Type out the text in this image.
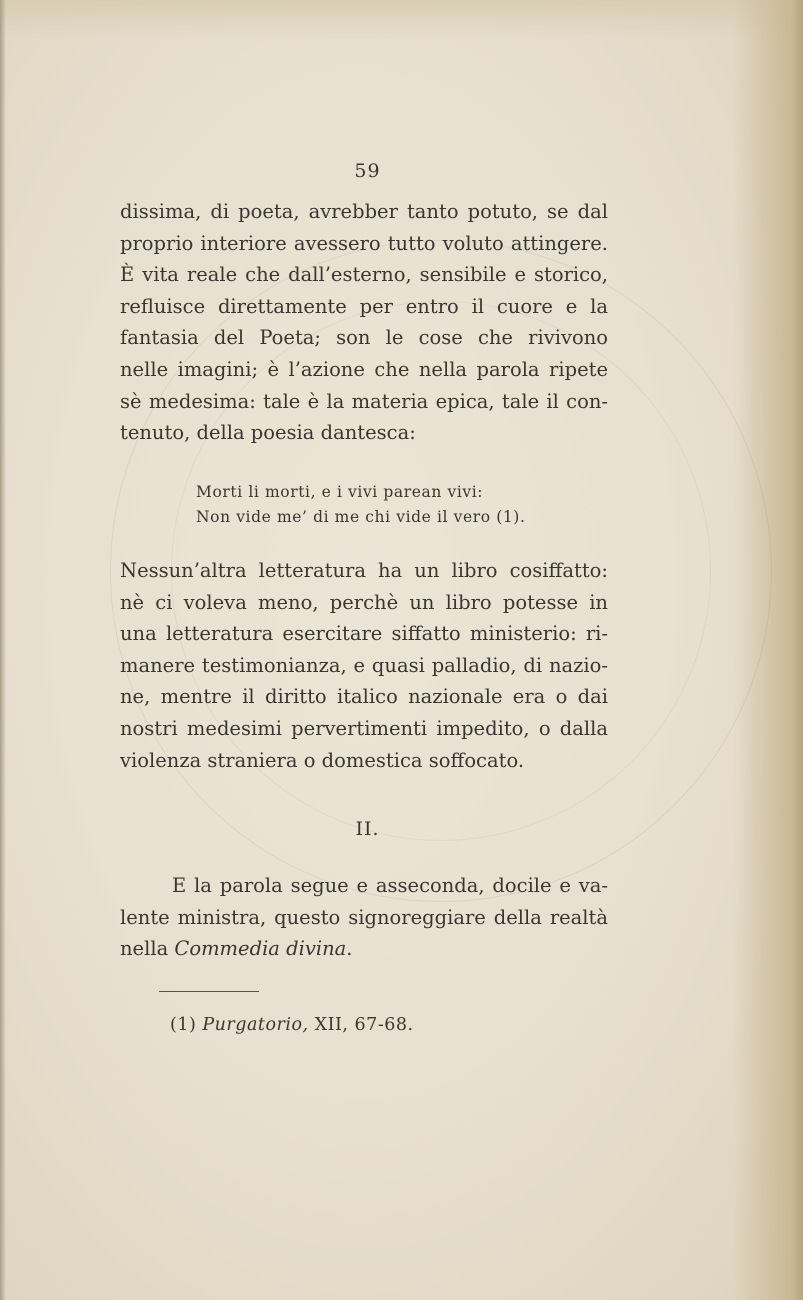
59
dissima, di poeta, avrebber tanto potuto, se dal
proprio interiore avessero tutto voluto attingere.
È vita reale che dall’esterno, sensibile e storico,
refluisce direttamente per entro il cuore e la
fantasia del Poeta; son le cose che rivivono
nelle imagini; è l’azione che nella parola ripete
sè medesima: tale è la materia epica, tale il con-
tenuto, della poesia dantesca:
Morti li morti, e i vivi parean vivi:
Non vide me’ di me chi vide il vero (1).
Nessun’altra letteratura ha un libro cosiffatto:
nè ci voleva meno, perchè un libro potesse in
una letteratura esercitare siffatto ministerio: ri-
manere testimonianza, e quasi palladio, di nazio-
ne, mentre il diritto italico nazionale era o dai
nostri medesimi pervertimenti impedito, o dalla
violenza straniera o domestica soffocato.
II.
E la parola segue e asseconda, docile e va-
lente ministra, questo signoreggiare della realtà
nella Commedia divina.
(1) Purgatorio, XII, 67-68.
